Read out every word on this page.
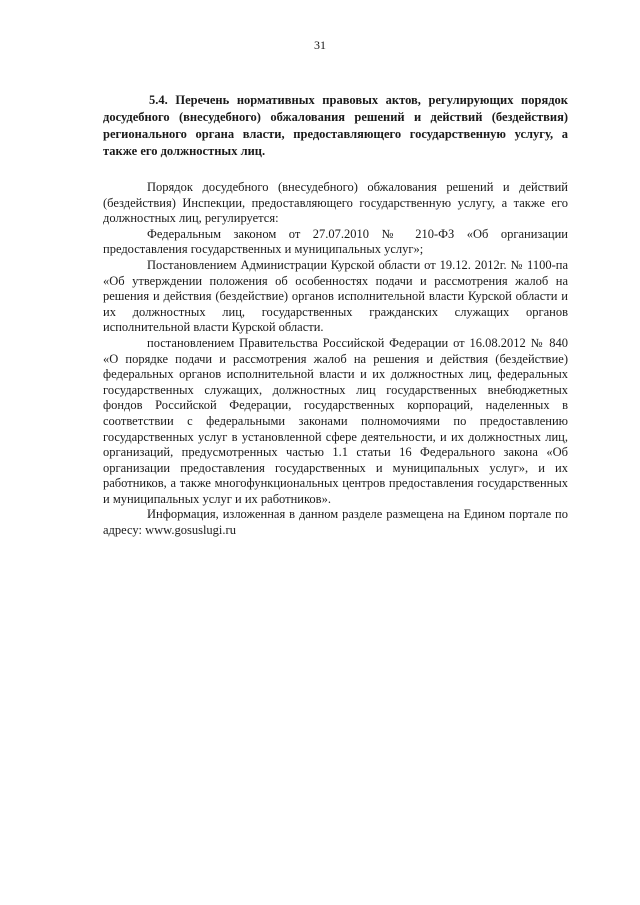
31

5.4. Перечень нормативных правовых актов, регулирующих порядок досудебного (внесудебного) обжалования решений и действий (бездействия) регионального органа власти, предоставляющего государственную услугу, а также его должностных лиц.

Порядок досудебного (внесудебного) обжалования решений и действий (бездействия) Инспекции, предоставляющего государственную услугу, а также его должностных лиц, регулируется:

Федеральным законом от 27.07.2010 № 210-ФЗ «Об организации предоставления государственных и муниципальных услуг»;

Постановлением Администрации Курской области от 19.12. 2012г. № 1100-па «Об утверждении положения об особенностях подачи и рассмотрения жалоб на решения и действия (бездействие) органов исполнительной власти Курской области и их должностных лиц, государственных гражданских служащих органов исполнительной власти Курской области.

постановлением Правительства Российской Федерации от 16.08.2012 № 840 «О порядке подачи и рассмотрения жалоб на решения и действия (бездействие) федеральных органов исполнительной власти и их должностных лиц, федеральных государственных служащих, должностных лиц государственных внебюджетных фондов Российской Федерации, государственных корпораций, наделенных в соответствии с федеральными законами полномочиями по предоставлению государственных услуг в установленной сфере деятельности, и их должностных лиц, организаций, предусмотренных частью 1.1 статьи 16 Федерального закона «Об организации предоставления государственных и муниципальных услуг», и их работников, а также многофункциональных центров предоставления государственных и муниципальных услуг и их работников».

Информация, изложенная в данном разделе размещена на Едином портале по адресу: www.gosuslugi.ru
